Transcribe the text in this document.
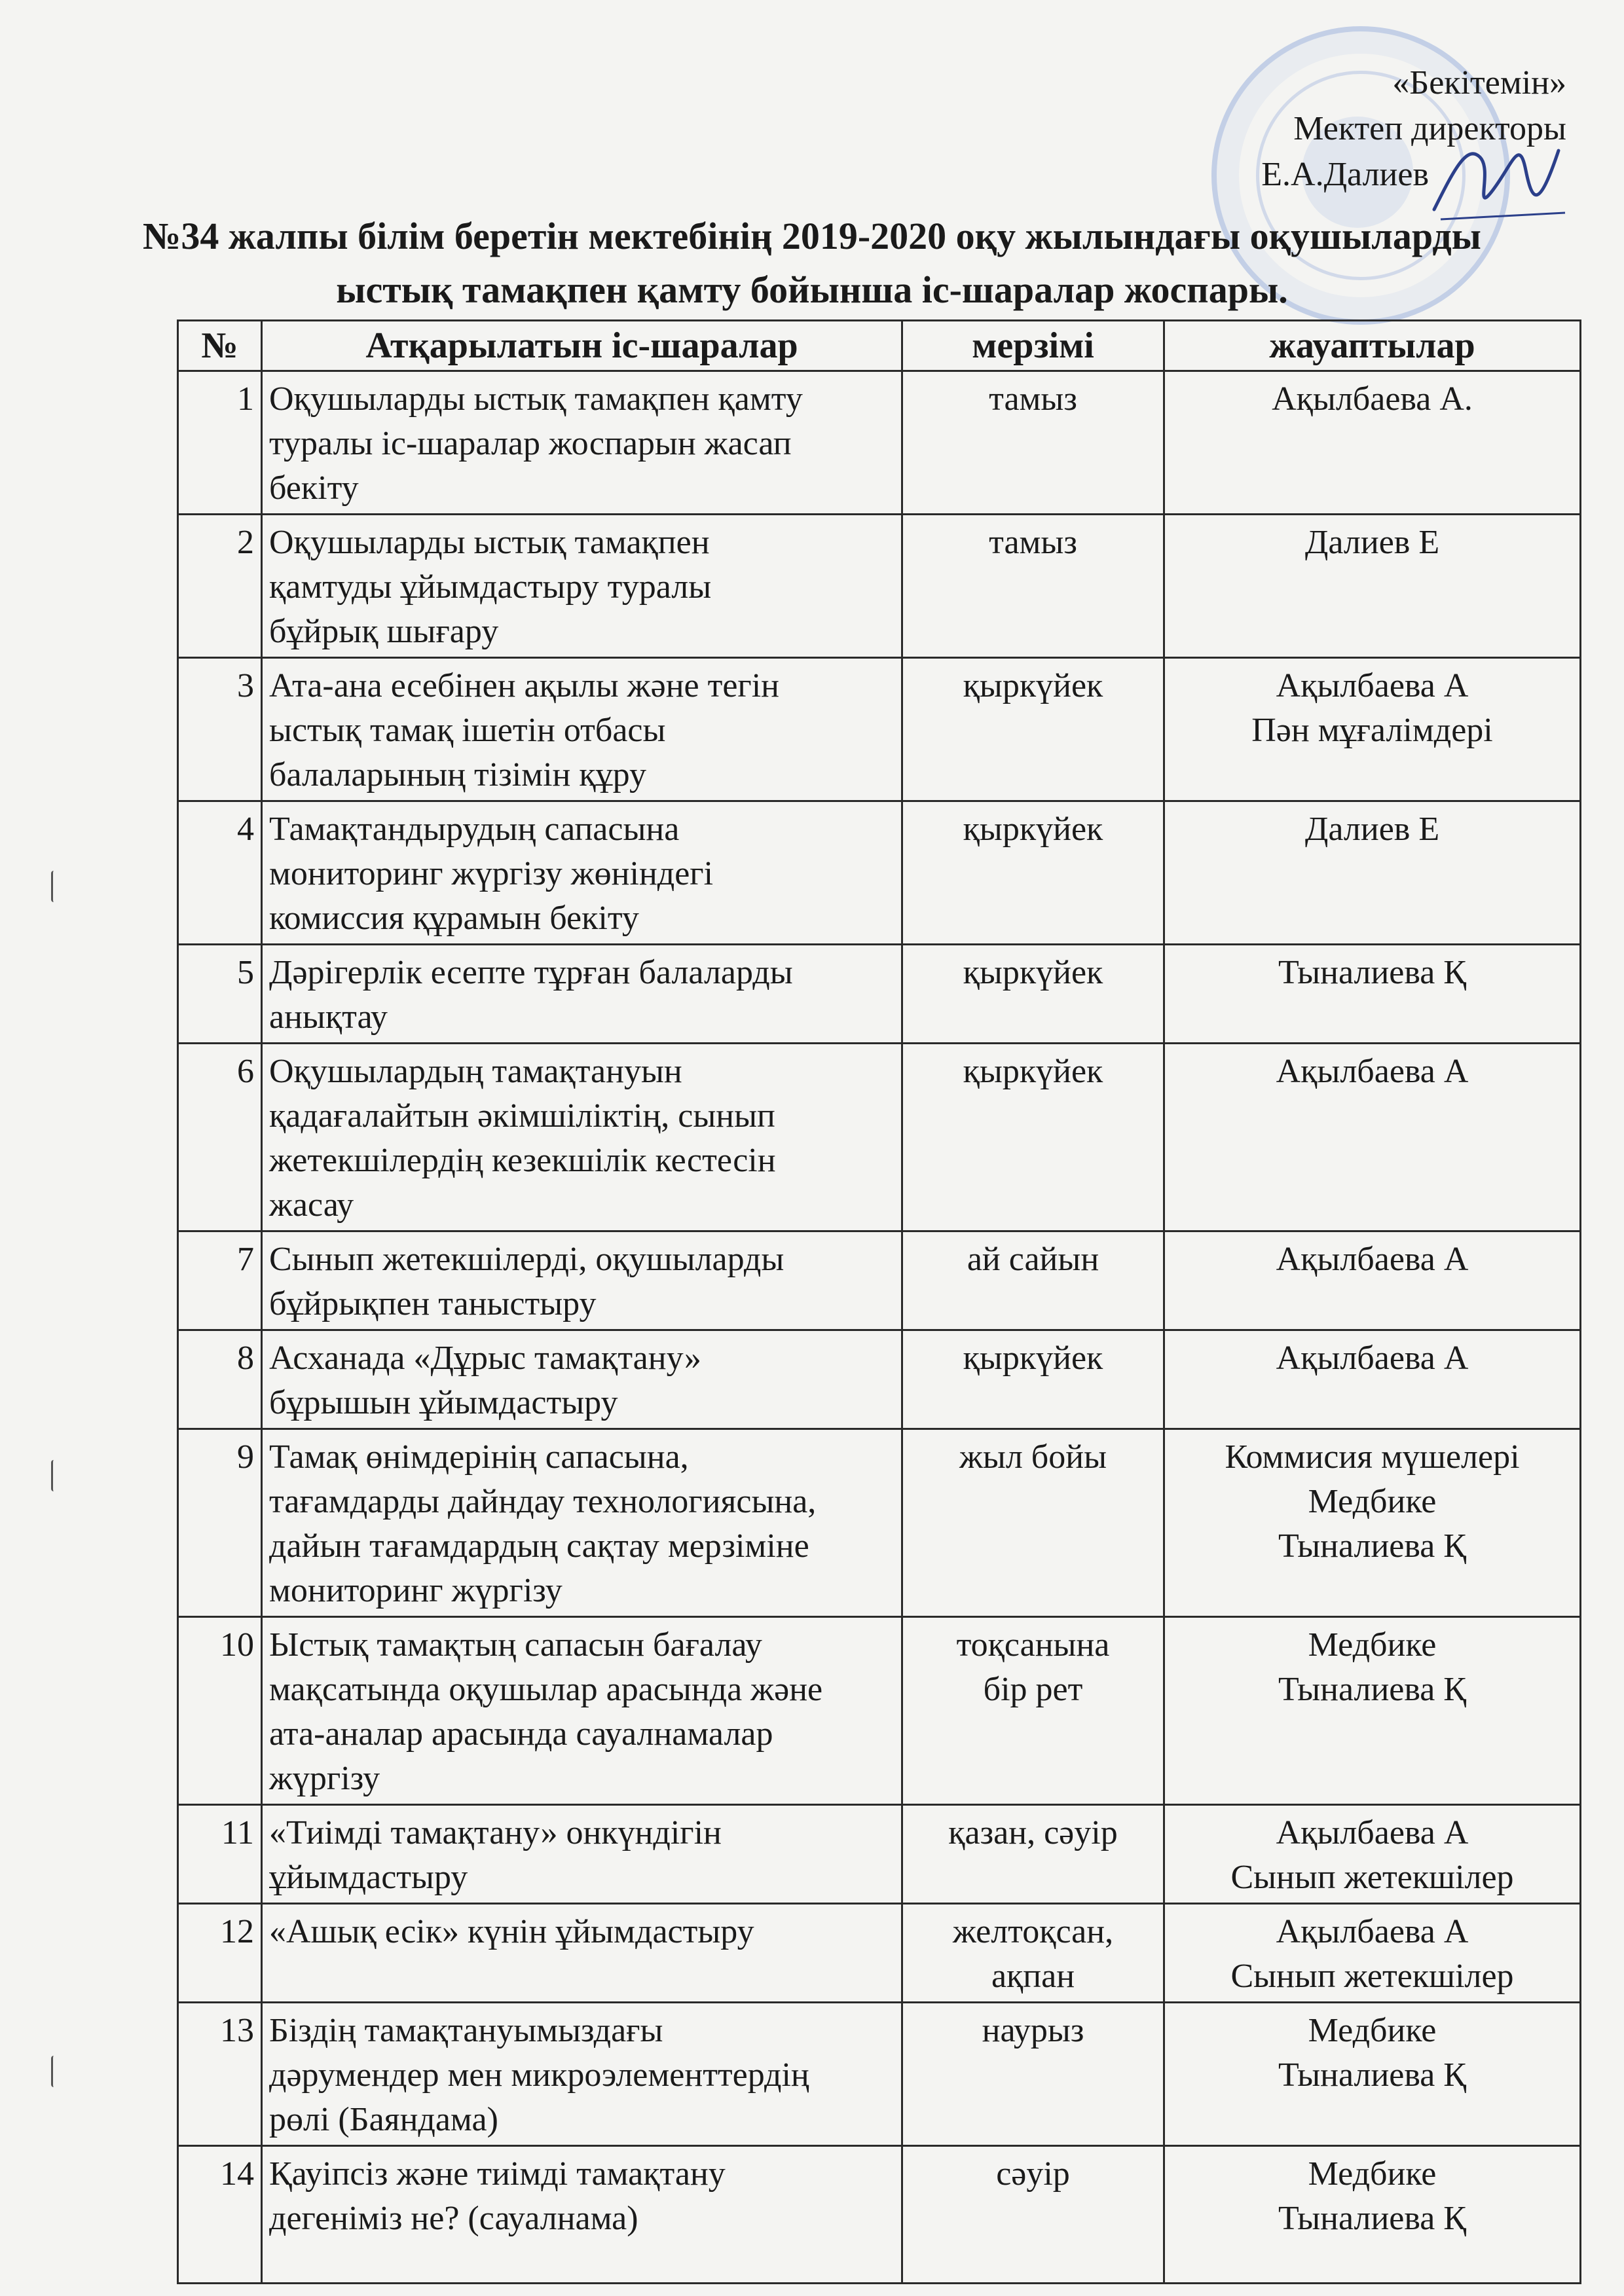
«Бекітемін»
Мектеп директоры
Е.А.Далиев
№34 жалпы білім беретін мектебінің 2019-2020 оқу жылындағы оқушыларды
ыстық тамақпен қамту бойынша іс-шаралар жоспары.
№	Атқарылатын іс-шаралар	мерзімі	жауаптылар
1	Оқушыларды ыстық тамақпен қамту
туралы іс-шаралар жоспарын жасап
бекіту	тамыз	Ақылбаева А.
2	Оқушыларды ыстық тамақпен
қамтуды ұйымдастыру туралы
бұйрық шығару	тамыз	Далиев Е
3	Ата-ана есебінен ақылы және тегін
ыстық тамақ ішетін отбасы
балаларының тізімін құру	қыркүйек	Ақылбаева А
Пән мұғалімдері
4	Тамақтандырудың сапасына
мониторинг жүргізу жөніндегі
комиссия құрамын бекіту	қыркүйек	Далиев Е
5	Дәрігерлік есепте тұрған балаларды
анықтау	қыркүйек	Тыналиева Қ
6	Оқушылардың тамақтануын
қадағалайтын әкімшіліктің, сынып
жетекшілердің кезекшілік кестесін
жасау	қыркүйек	Ақылбаева А
7	Сынып жетекшілерді, оқушыларды
бұйрықпен таныстыру	ай сайын	Ақылбаева А
8	Асханада «Дұрыс тамақтану»
бұрышын ұйымдастыру	қыркүйек	Ақылбаева А
9	Тамақ өнімдерінің сапасына,
тағамдарды дайндау технологиясына,
дайын тағамдардың сақтау мерзіміне
мониторинг жүргізу	жыл бойы	Коммисия мүшелері
Медбике
Тыналиева Қ
10	Ыстық тамақтың сапасын бағалау
мақсатында оқушылар арасында және
ата-аналар арасында сауалнамалар
жүргізу	тоқсанына
бір рет	Медбике
Тыналиева Қ
11	«Тиімді тамақтану» онкүндігін
ұйымдастыру	қазан, сәуір	Ақылбаева А
Сынып жетекшілер
12	«Ашық есік» күнін ұйымдастыру	желтоқсан,
ақпан	Ақылбаева А
Сынып жетекшілер
13	Біздің тамақтануымыздағы
дәрумендер мен микроэлементтердің
рөлі (Баяндама)	наурыз	Медбике
Тыналиева Қ
14	Қауіпсіз және тиімді тамақтану
дегеніміз не? (сауалнама)	сәуір	Медбике
Тыналиева Қ
